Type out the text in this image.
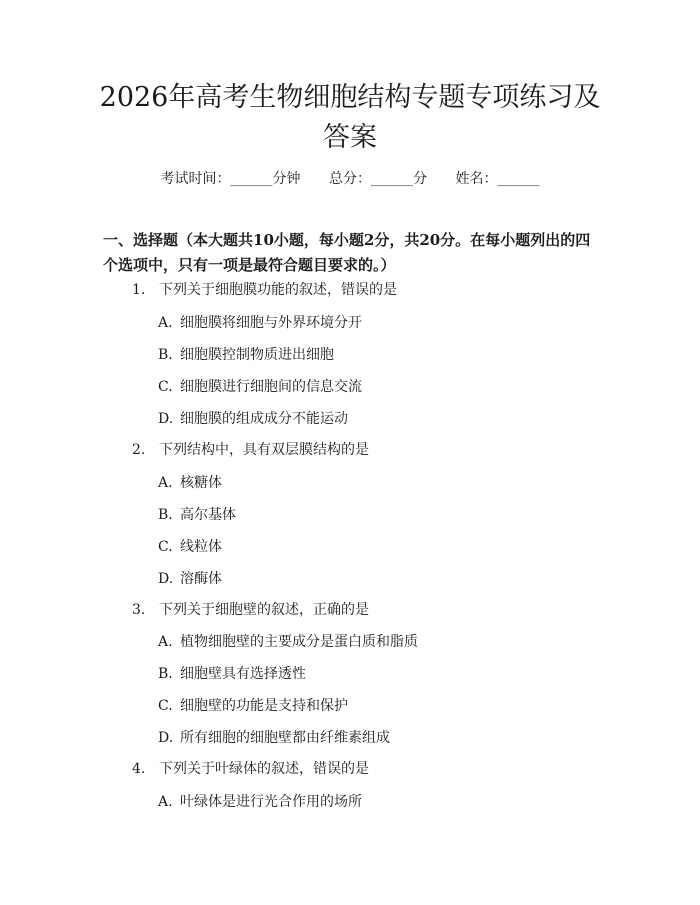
2026年高考生物细胞结构专题专项练习及答案
考试时间：______分钟 总分：______分 姓名：______
一、选择题（本大题共10小题，每小题2分，共20分。在每小题列出的四个选项中，只有一项是最符合题目要求的。）
1. 下列关于细胞膜功能的叙述，错误的是
A. 细胞膜将细胞与外界环境分开
B. 细胞膜控制物质进出细胞
C. 细胞膜进行细胞间的信息交流
D. 细胞膜的组成成分不能运动
2. 下列结构中，具有双层膜结构的是
A. 核糖体
B. 高尔基体
C. 线粒体
D. 溶酶体
3. 下列关于细胞壁的叙述，正确的是
A. 植物细胞壁的主要成分是蛋白质和脂质
B. 细胞壁具有选择透性
C. 细胞壁的功能是支持和保护
D. 所有细胞的细胞壁都由纤维素组成
4. 下列关于叶绿体的叙述，错误的是
A. 叶绿体是进行光合作用的场所
